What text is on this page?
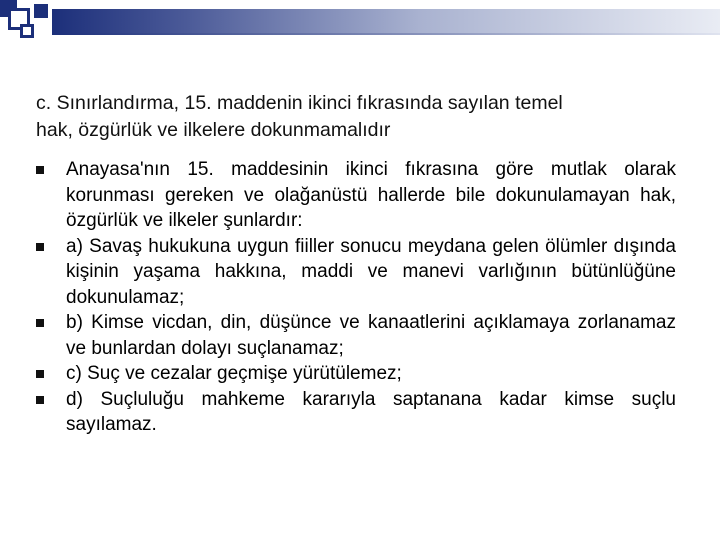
c. Sınırlandırma, 15. maddenin ikinci fıkrasında sayılan temel
hak, özgürlük ve ilkelere dokunmamalıdır
Anayasa'nın 15. maddesinin ikinci fıkrasına göre mutlak olarak korunması gereken ve olağanüstü hallerde bile dokunulamayan hak, özgürlük ve ilkeler şunlardır:
a) Savaş hukukuna uygun fiiller sonucu meydana gelen ölümler dışında kişinin yaşama hakkına, maddi ve manevi varlığının bütünlüğüne dokunulamaz;
b) Kimse vicdan, din, düşünce ve kanaatlerini açıklamaya zorlanamaz ve bunlardan dolayı suçlanamaz;
c) Suç ve cezalar geçmişe yürütülemez;
d) Suçluluğu mahkeme kararıyla saptanana kadar kimse suçlu sayılamaz.
